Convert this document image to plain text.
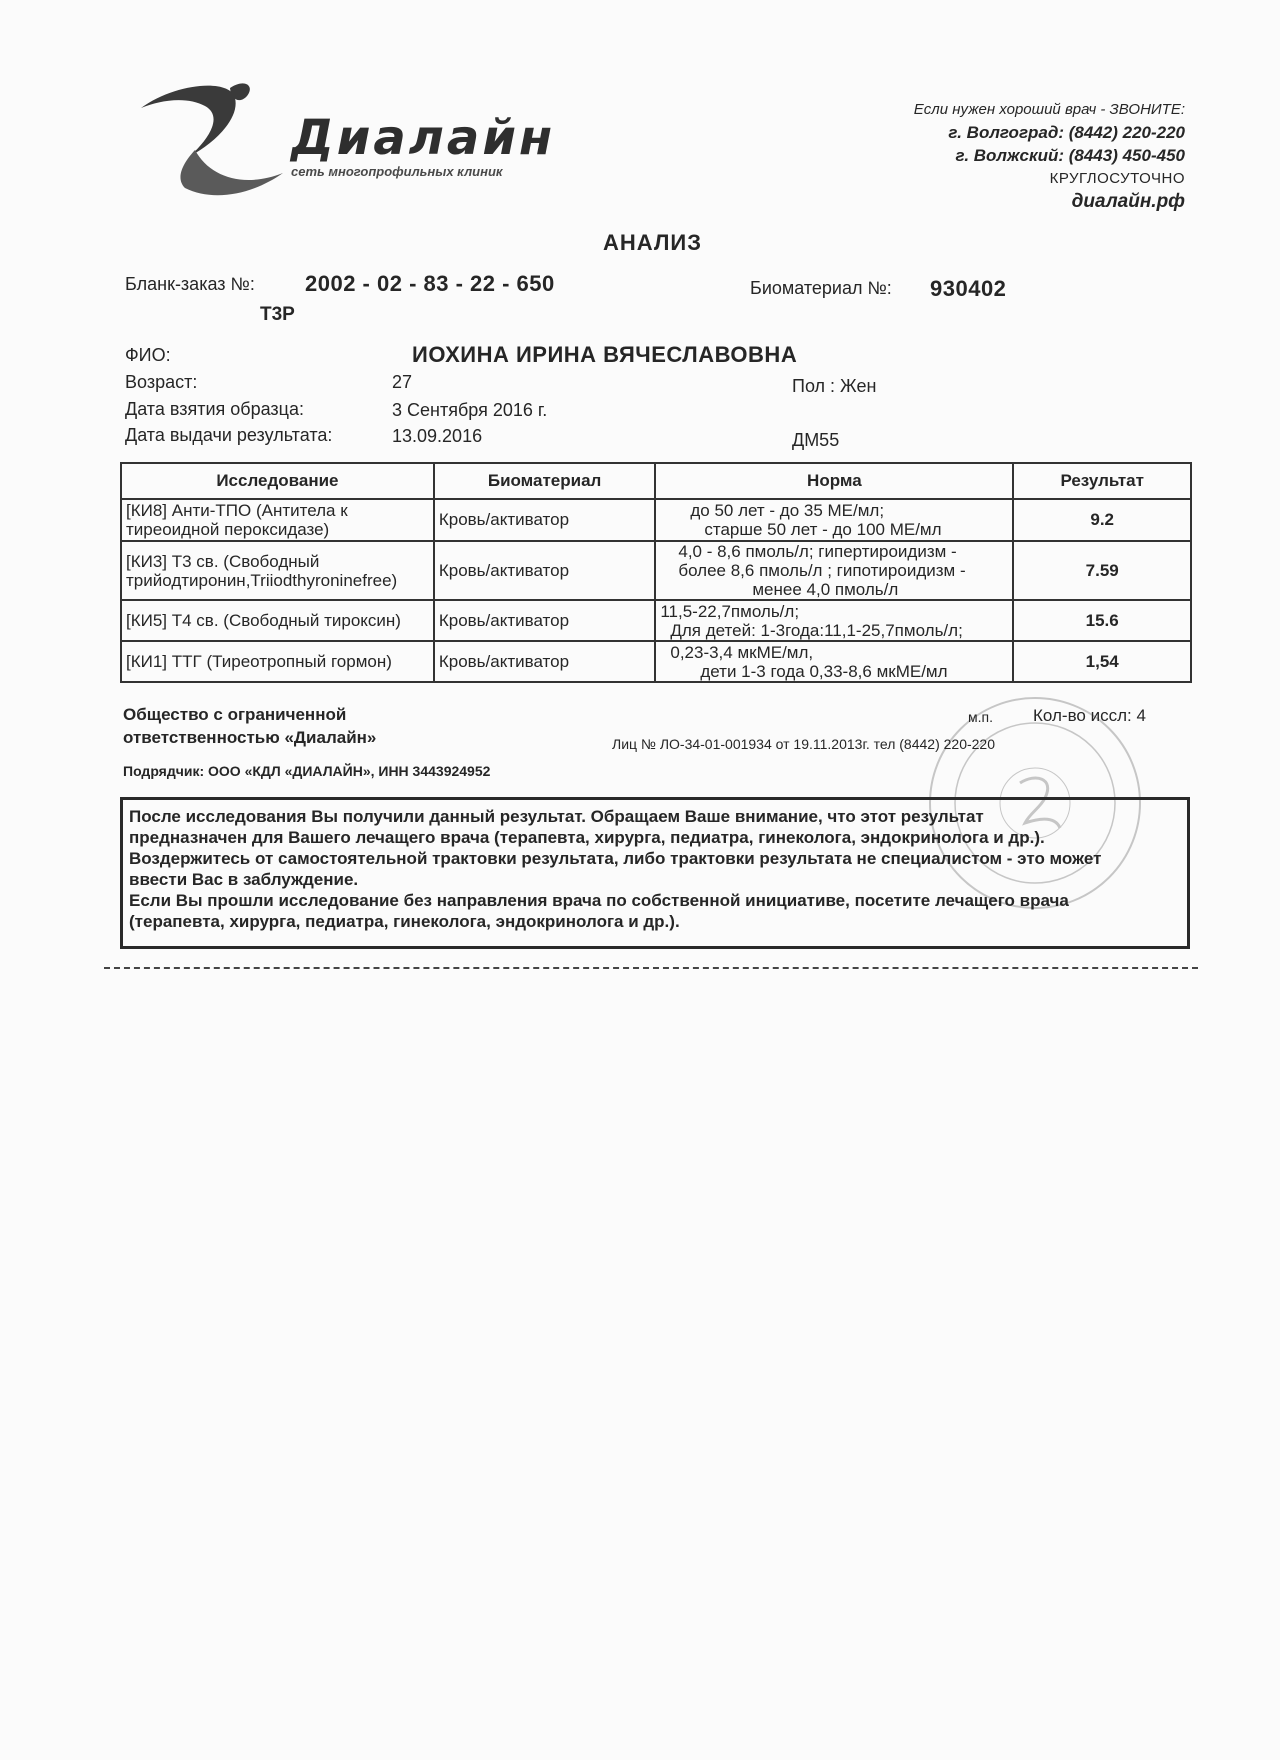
Диалайн
сеть многопрофильных клиник
Если нужен хороший врач - ЗВОНИТЕ:
г. Волгоград: (8442) 220-220
г. Волжский: (8443) 450-450
КРУГЛОСУТОЧНО
диалайн.рф
АНАЛИЗ
Бланк-заказ №: 2002 - 02 - 83 - 22 - 650
Т3Р
Биоматериал №: 930402
ФИО:	ИОХИНА ИРИНА ВЯЧЕСЛАВОВНА
Возраст:	27	Пол : Жен
Дата взятия образца:	3 Сентября 2016 г.
Дата выдачи результата:	13.09.2016	ДМ55
Исследование	Биоматериал	Норма	Результат
[КИ8] Анти-ТПО (Антитела к тиреоидной пероксидазе)	Кровь/активатор	до 50 лет - до 35 МЕ/мл;
старше 50 лет - до 100 МЕ/мл	9.2
[КИ3] Т3 св. (Свободный трийодтиронин,Triiodthyroninefree)	Кровь/активатор	4,0 - 8,6 пмоль/л; гипертироидизм -
более 8,6 пмоль/л ; гипотироидизм -
менее 4,0 пмоль/л	7.59
[КИ5] Т4 св. (Свободный тироксин)	Кровь/активатор	11,5-22,7пмоль/л;
Для детей: 1-3года:11,1-25,7пмоль/л;	15.6
[КИ1] ТТГ (Тиреотропный гормон)	Кровь/активатор	0,23-3,4 мкМЕ/мл,
дети 1-3 года 0,33-8,6 мкМЕ/мл	1,54
Общество с ограниченной
ответственностью «Диалайн»
м.п. Кол-во иссл: 4
Лиц № ЛО-34-01-001934 от 19.11.2013г. тел (8442) 220-220
Подрядчик: ООО «КДЛ «ДИАЛАЙН», ИНН 3443924952
После исследования Вы получили данный результат. Обращаем Ваше внимание, что этот результат
предназначен для Вашего лечащего врача (терапевта, хирурга, педиатра, гинеколога, эндокринолога и др.).
Воздержитесь от самостоятельной трактовки результата, либо трактовки результата не специалистом - это может
ввести Вас в заблуждение.
Если Вы прошли исследование без направления врача по собственной инициативе, посетите лечащего врача
(терапевта, хирурга, педиатра, гинеколога, эндокринолога и др.).
